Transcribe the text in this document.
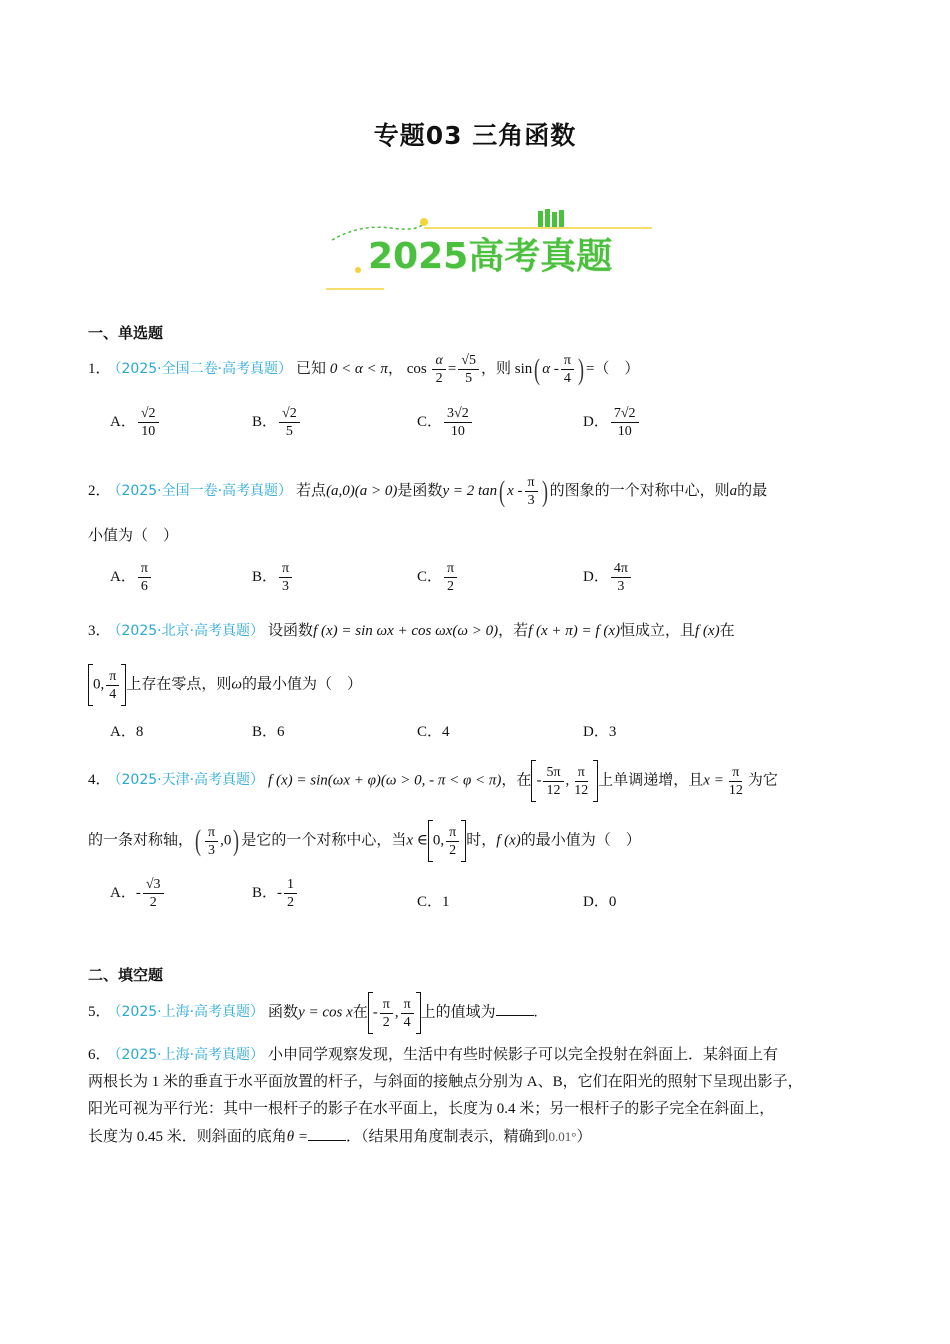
专题03 三角函数
2025高考真题
一、单选题
1． （2025·全国二卷·高考真题） 已知 0 < α < π， $\cos \frac{\alpha}{2} = \frac{√5}{5}$ ，则 sin( α - $\frac{\pi}{4}$ ) =（　）
A． $\frac{√2}{10}$	B． $\frac{√2}{5}$	C． $\frac{3√2}{10}$	D． $\frac{7√2}{10}$
2． （2025·全国一卷·高考真题） 若点(a,0)(a > 0)是函数y = 2 tan( x - $\frac{\pi}{3}$ ) 的图象的一个对称中心，则a的最
小值为（　）
A． $\frac{\pi}{6}$	B． $\frac{\pi}{3}$	C． $\frac{\pi}{2}$	D． $\frac{4\pi}{3}$
3． （2025·北京·高考真题） 设函数f (x) = sin ωx + cos ωx(ω > 0)，若f (x + π) = f (x)恒成立，且f (x)在
0, $\frac{\pi}{4}$ 上存在零点，则ω的最小值为（　）
A．8	B．6	C．4	D．3
4． （2025·天津·高考真题） f (x) = sin(ωx + φ)(ω > 0, - π < φ < π)，在 - $\frac{5\pi}{12}$ , $\frac{\pi}{12}$ 上单调递增，且$x = \frac{\pi}{12}$ 为它
的一条对称轴，( $\frac{\pi}{3} ,0$) 是它的一个对称中心，当x ∈ 0, $\frac{\pi}{2}$ 时，f (x)的最小值为（　）
A．- $\frac{√3}{2}$	B．- $\frac{1}{2}$	C．1	D．0
二、填空题
5． （2025·上海·高考真题） 函数y = cos x在 - $\frac{\pi}{2}$ , $\frac{\pi}{4}$ 上的值域为	.
6． （2025·上海·高考真题） 小申同学观察发现，生活中有些时候影子可以完全投射在斜面上．某斜面上有
两根长为 1 米的垂直于水平面放置的杆子，与斜面的接触点分别为 A、B，它们在阳光的照射下呈现出影子，
阳光可视为平行光：其中一根杆子的影子在水平面上，长度为 0.4 米；另一根杆子的影子完全在斜面上，
长度为 0.45 米．则斜面的底角θ =	．（结果用角度制表示，精确到0.01°）
